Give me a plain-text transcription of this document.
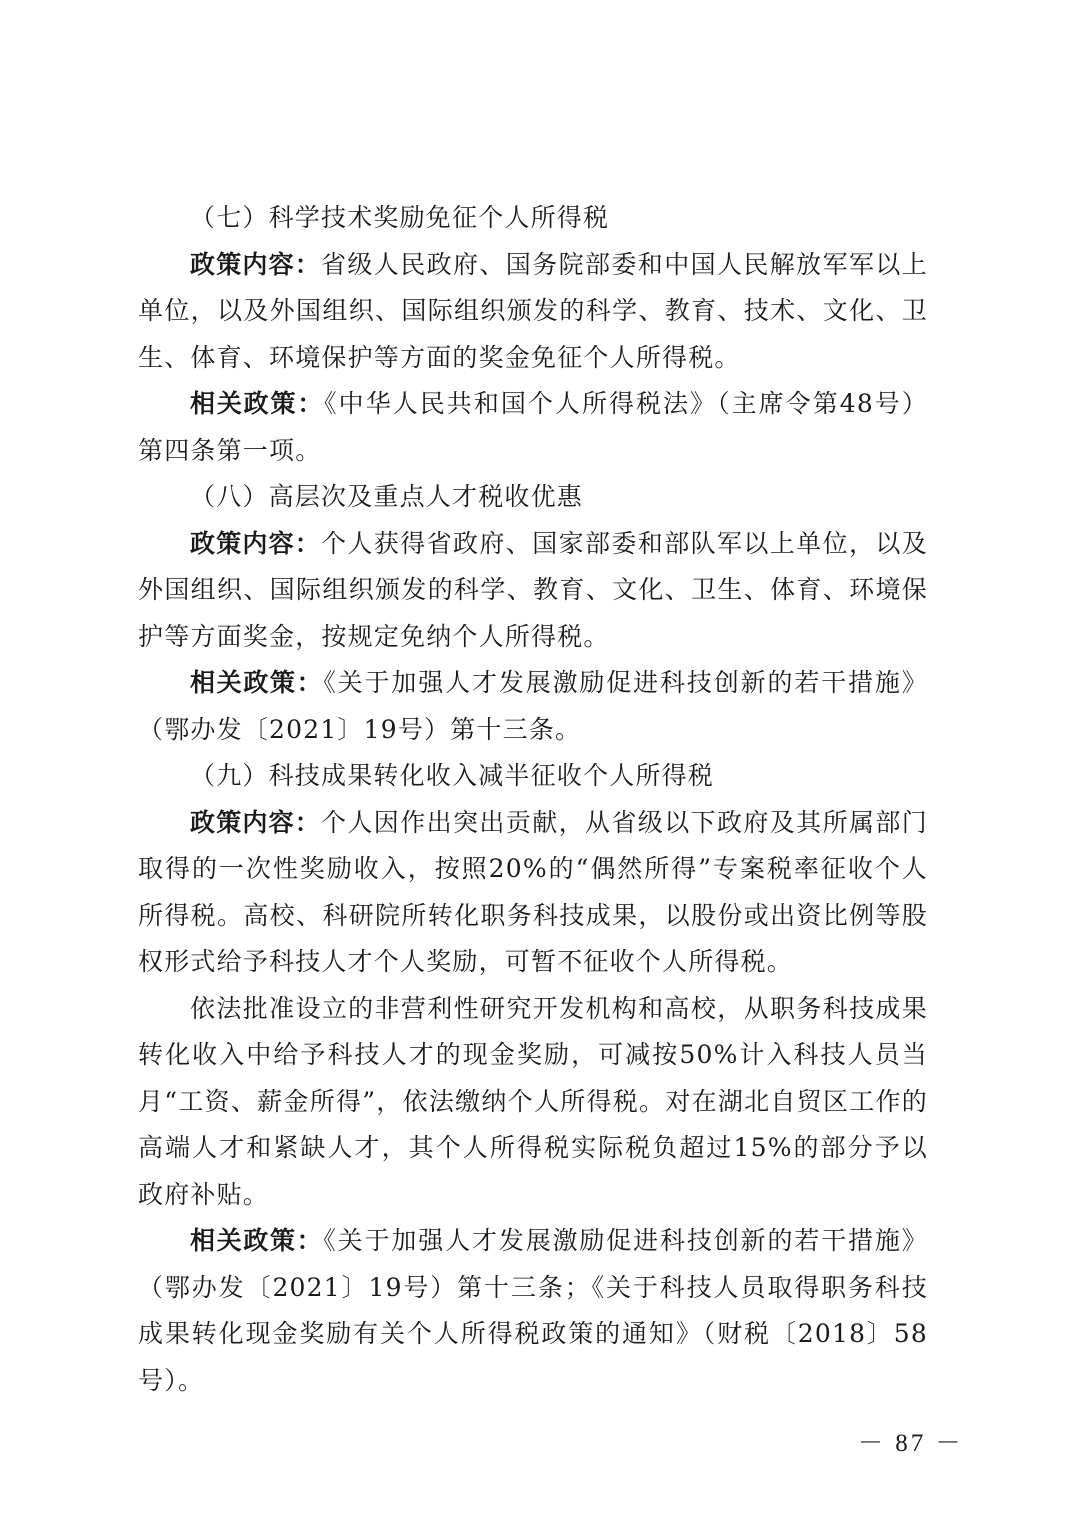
（七）科学技术奖励免征个人所得税

政策内容：省级人民政府、国务院部委和中国人民解放军军以上单位，以及外国组织、国际组织颁发的科学、教育、技术、文化、卫生、体育、环境保护等方面的奖金免征个人所得税。

相关政策：《中华人民共和国个人所得税法》（主席令第48号）第四条第一项。

（八）高层次及重点人才税收优惠

政策内容：个人获得省政府、国家部委和部队军以上单位，以及外国组织、国际组织颁发的科学、教育、文化、卫生、体育、环境保护等方面奖金，按规定免纳个人所得税。

相关政策：《关于加强人才发展激励促进科技创新的若干措施》（鄂办发〔2021〕19号）第十三条。

（九）科技成果转化收入减半征收个人所得税

政策内容：个人因作出突出贡献，从省级以下政府及其所属部门取得的一次性奖励收入，按照20%的“偶然所得”专案税率征收个人所得税。高校、科研院所转化职务科技成果，以股份或出资比例等股权形式给予科技人才个人奖励，可暂不征收个人所得税。

依法批准设立的非营利性研究开发机构和高校，从职务科技成果转化收入中给予科技人才的现金奖励，可减按50%计入科技人员当月“工资、薪金所得”，依法缴纳个人所得税。对在湖北自贸区工作的高端人才和紧缺人才，其个人所得税实际税负超过15%的部分予以政府补贴。

相关政策：《关于加强人才发展激励促进科技创新的若干措施》（鄂办发〔2021〕19号）第十三条；《关于科技人员取得职务科技成果转化现金奖励有关个人所得税政策的通知》（财税〔2018〕58号）。

－ 87 －
